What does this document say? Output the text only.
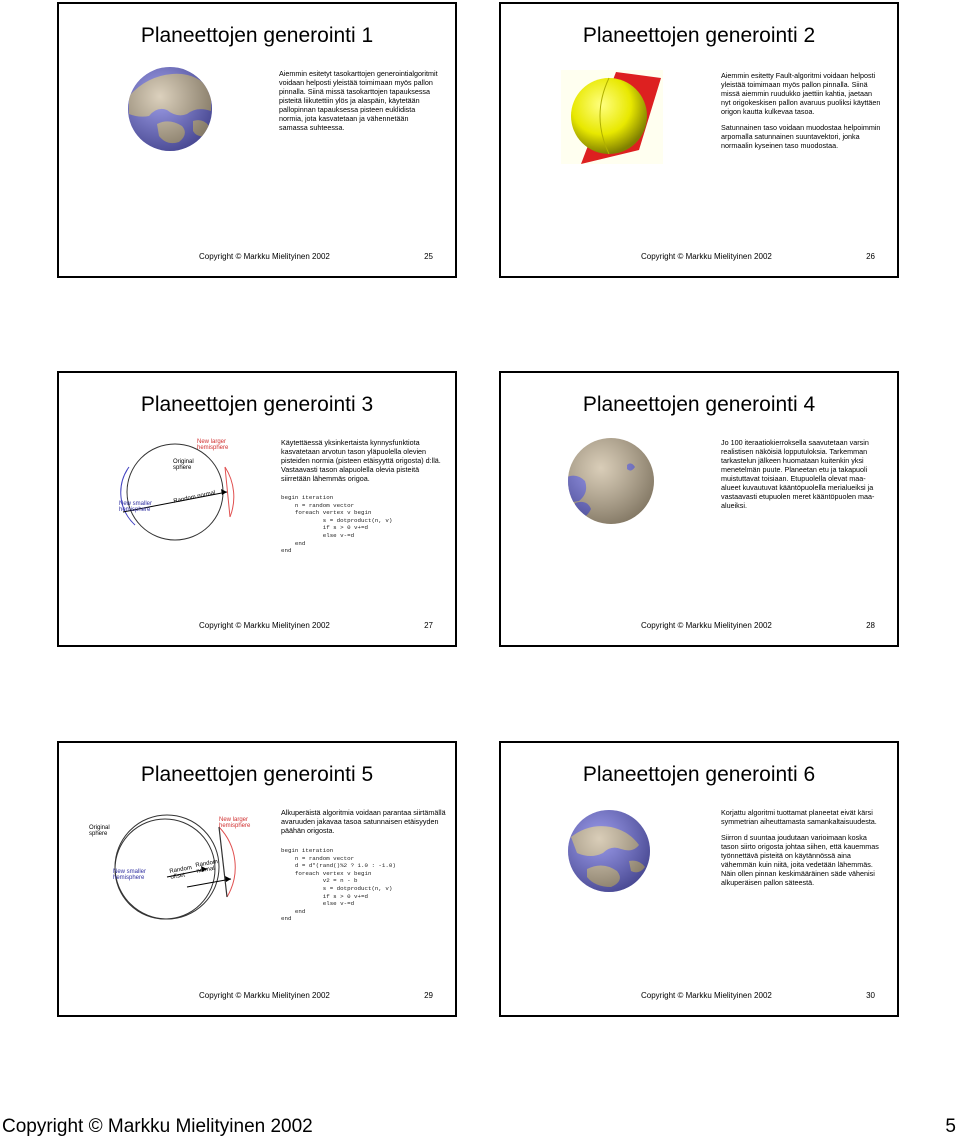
Planeettojen generointi 1

Aiemmin esitetyt tasokarttojen generointialgoritmit voidaan helposti yleistää toimimaan myös pallon pinnalla. Siinä missä tasokarttojen tapauksessa pisteitä liikutettiin ylös ja alaspäin, käytetään pallopinnan tapauksessa pisteen euklidista normia, jota kasvatetaan ja vähennetään samassa suhteessa.

Copyright © Markku Mielityinen 2002	25
Planeettojen generointi 2

Aiemmin esitetty Fault-algoritmi voidaan helposti yleistää toimimaan myös pallon pinnalla. Siinä missä aiemmin ruudukko jaettiin kahtia, jaetaan nyt origokeskisen pallon avaruus puoliksi käyttäen origon kautta kulkevaa tasoa.

Satunnainen taso voidaan muodostaa helpoimmin arpomalla satunnainen suuntavektori, jonka normaalin kyseinen taso muodostaa.

Copyright © Markku Mielityinen 2002	26
Planeettojen generointi 3
Original
sphere
New larger
hemisphere
New smaller
hemisphere
Random normal

Käytettäessä yksinkertaista kynnysfunktiota kasvatetaan arvotun tason yläpuolella olevien pisteiden normia (pisteen etäisyyttä origosta) d:llä. Vastaavasti tason alapuolella olevia pisteitä siirretään lähemmäs origoa.

begin iteration
n = random vector
foreach vertex v begin
s = dotproduct(n, v)
if s > 0 v+=d
else v-=d
end
end
Copyright © Markku Mielityinen 2002	27
Planeettojen generointi 4

Jo 100 iteraatiokierroksella saavutetaan varsin realistisen näköisiä lopputuloksia. Tarkemman tarkastelun jälkeen huomataan kuitenkin yksi menetelmän puute. Planeetan etu ja takapuoli muistuttavat toisiaan. Etupuolella olevat maa-alueet kuvautuvat kääntöpuolella merialueiksi ja vastaavasti etupuolen meret kääntöpuolen maa-alueiksi.

Copyright © Markku Mielityinen 2002	28
Planeettojen generointi 5
Original
sphere
New larger
hemisphere
New smaller
hemisphere
Random
offset
Random
normal

Alkuperäistä algoritmia voidaan parantaa siirtämällä avaruuden jakavaa tasoa satunnaisen etäisyyden päähän origosta.

begin iteration
n = random vector
d = d*(rand()%2 ? 1.0 : -1.0)
foreach vertex v begin
v2 = n - b
s = dotproduct(n, v)
if s > 0 v+=d
else v-=d
end
end
Copyright © Markku Mielityinen 2002	29
Planeettojen generointi 6

Korjattu algoritmi tuottamat planeetat eivät kärsi symmetrian aiheuttamasta samankaltaisuudesta.

Siirron d suuntaa joudutaan varioimaan koska tason siirto origosta johtaa siihen, että kauemmas työnnettävä pisteitä on käytännössä aina vähemmän kuin niitä, joita vedetään lähemmäs. Näin ollen pinnan keskimääräinen säde vähenisi alkuperäisen pallon säteestä.

Copyright © Markku Mielityinen 2002	30
Copyright © Markku Mielityinen 2002	5
